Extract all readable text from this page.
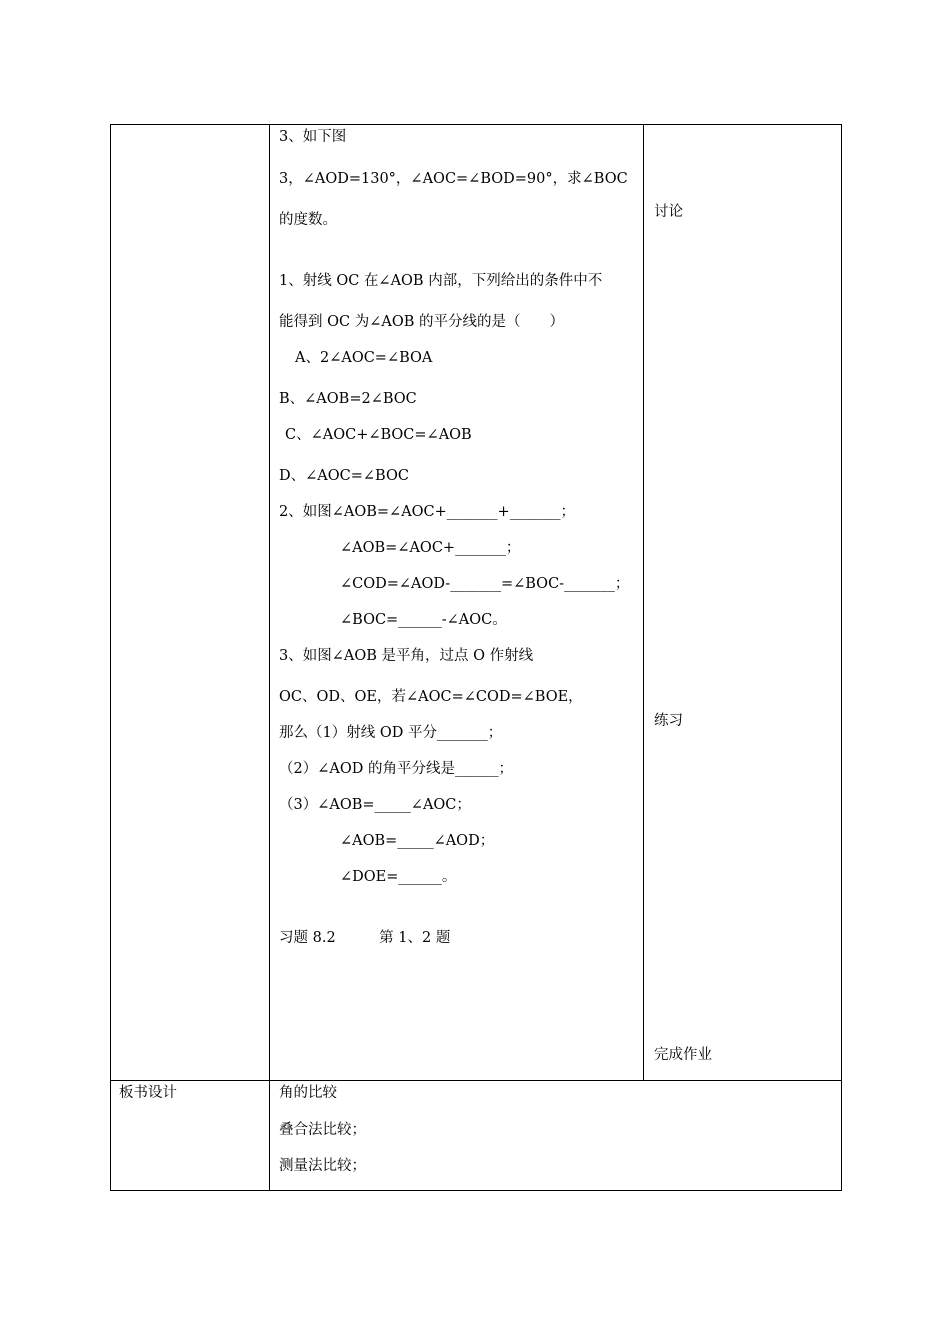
3、如下图
3，∠AOD=130°，∠AOC=∠BOD=90°，求∠BOC
的度数。
1、射线 OC 在∠AOB 内部，下列给出的条件中不
能得到 OC 为∠AOB 的平分线的是（　　）
A、2∠AOC=∠BOA
B、∠AOB=2∠BOC
C、∠AOC+∠BOC=∠AOB
D、∠AOC=∠BOC
2、如图∠AOB=∠AOC+_______+_______；
∠AOB=∠AOC+_______；
∠COD=∠AOD-_______=∠BOC-_______；
∠BOC=______-∠AOC。
3、如图∠AOB 是平角，过点 O 作射线
OC、OD、OE，若∠AOC=∠COD=∠BOE，
那么（1）射线 OD 平分_______；
（2）∠AOD 的角平分线是______；
（3）∠AOB=_____∠AOC；
∠AOB=_____∠AOD；
∠DOE=______。
习题 8.2　　　第 1、2 题
讨论
练习
完成作业
板书设计	角的比较
叠合法比较；
测量法比较；
